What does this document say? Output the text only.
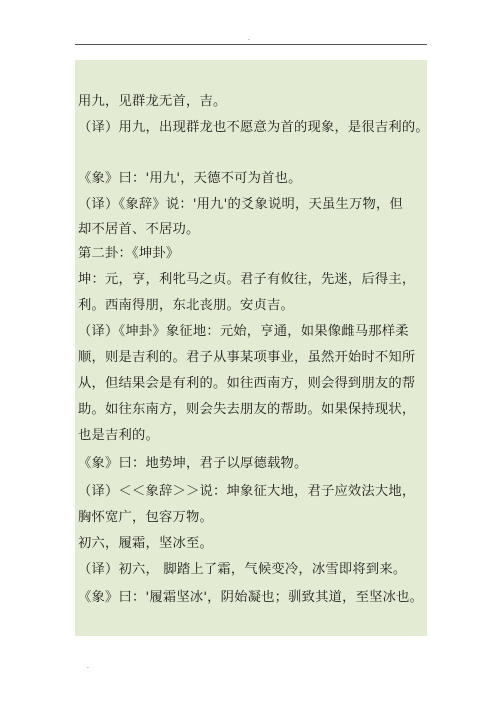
.
用九，见群龙无首，吉。
（译）用九，出现群龙也不愿意为首的现象，是很吉利的。
《象》曰：'用九'，天德不可为首也。
（译）《象辞》说：'用九'的爻象说明，天虽生万物，但
却不居首、不居功。
第二卦：《坤卦》
坤：元，亨，利牝马之贞。君子有攸往，先迷，后得主，
利。西南得朋，东北丧朋。安贞吉。
（译）《坤卦》象征地：元始，亨通，如果像雌马那样柔
顺，则是吉利的。君子从事某项事业，虽然开始时不知所
从，但结果会是有利的。如往西南方，则会得到朋友的帮
助。如往东南方，则会失去朋友的帮助。如果保持现状，
也是吉利的。
《象》曰：地势坤，君子以厚德载物。
（译）＜＜象辞＞＞说：坤象征大地，君子应效法大地，
胸怀宽广，包容万物。
初六，履霜，坚冰至。
（译）初六， 脚踏上了霜，气候变冷，冰雪即将到来。
《象》曰：'履霜坚冰'，阴始凝也；驯致其道，至坚冰也。
.
